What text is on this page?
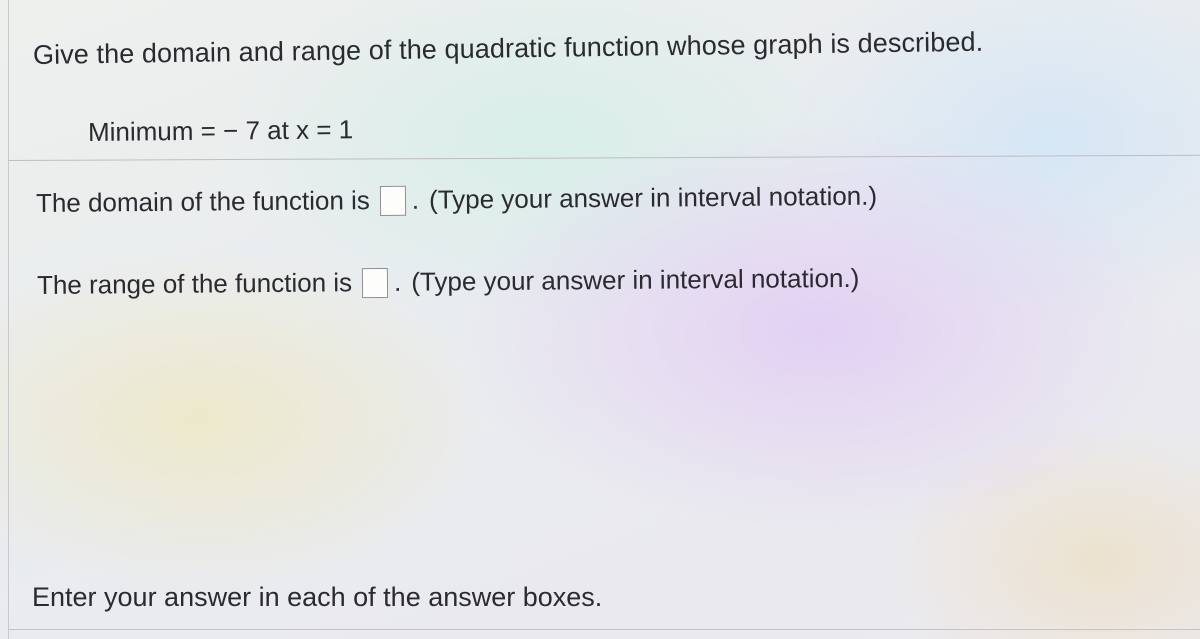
Give the domain and range of the quadratic function whose graph is described.
Minimum = − 7 at x = 1
The domain of the function is . (Type your answer in interval notation.)
The range of the function is . (Type your answer in interval notation.)
Enter your answer in each of the answer boxes.
